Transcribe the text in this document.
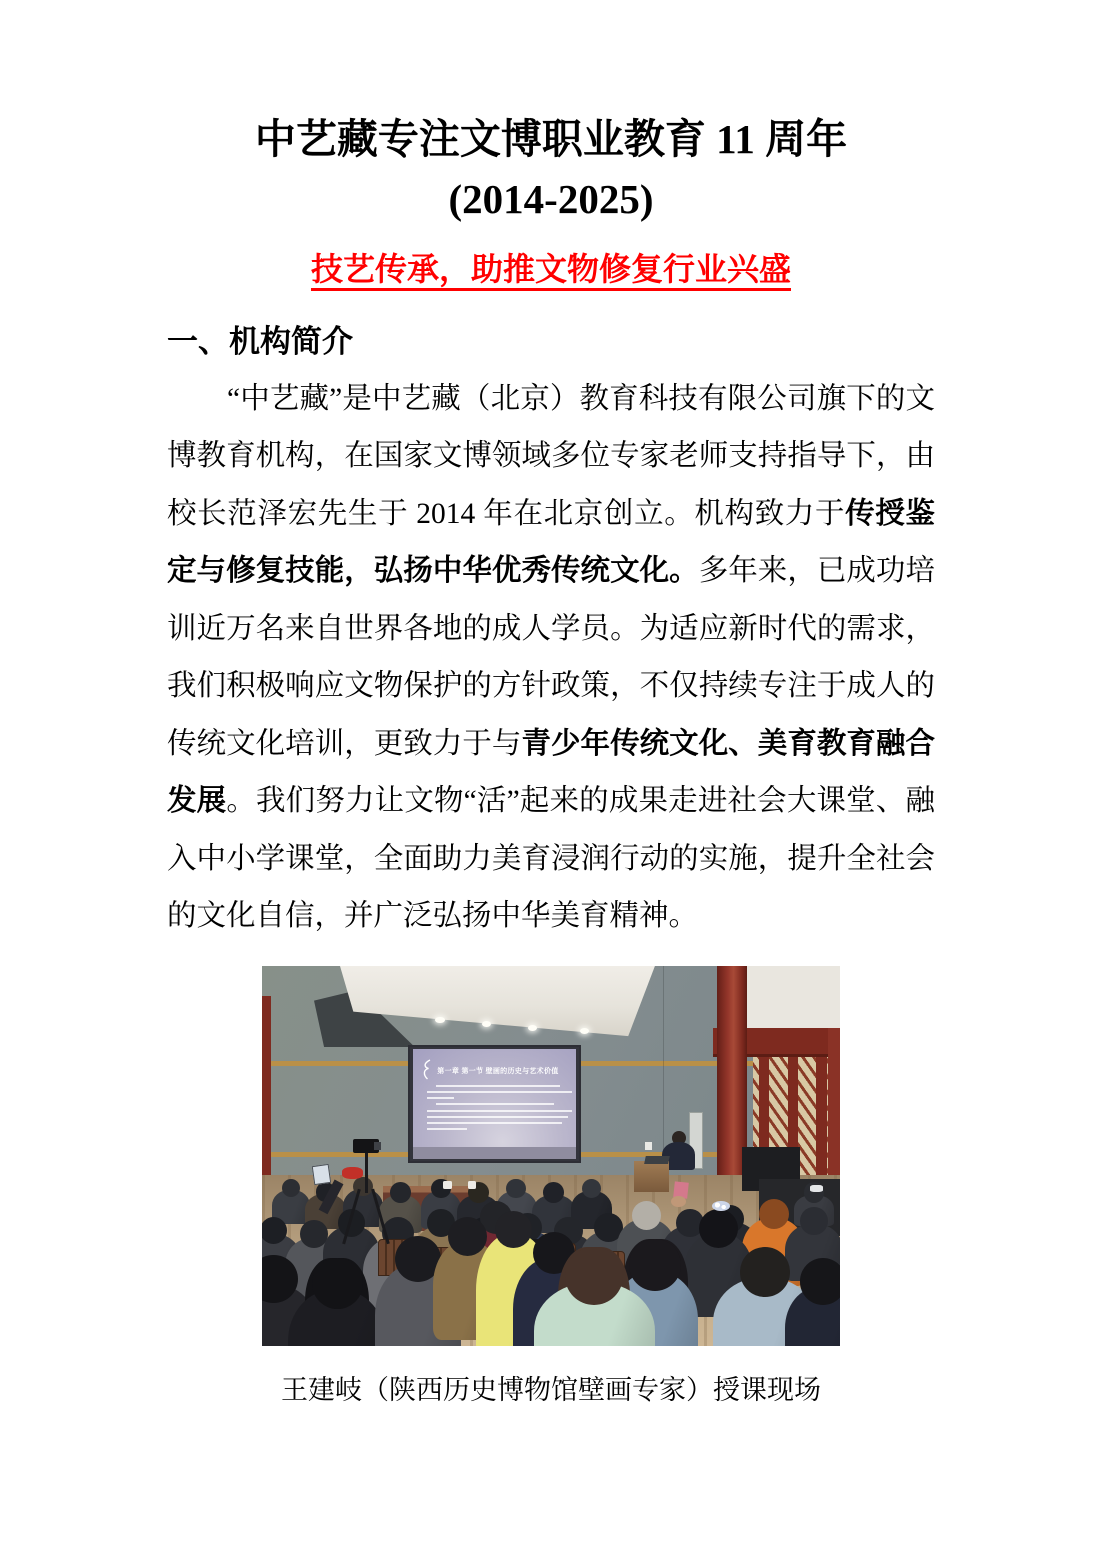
中艺藏专注文博职业教育 11 周年
(2014-2025)
技艺传承，助推文物修复行业兴盛
一、机构简介

“中艺藏”是中艺藏（北京）教育科技有限公司旗下的文博教育机构，在国家文博领域多位专家老师支持指导下，由校长范泽宏先生于 2014 年在北京创立。机构致力于传授鉴定与修复技能，弘扬中华优秀传统文化。多年来，已成功培训近万名来自世界各地的成人学员。为适应新时代的需求，我们积极响应文物保护的方针政策，不仅持续专注于成人的传统文化培训，更致力于与青少年传统文化、美育教育融合发展。我们努力让文物“活”起来的成果走进社会大课堂、融入中小学课堂，全面助力美育浸润行动的实施，提升全社会的文化自信，并广泛弘扬中华美育精神。

第一章 第一节 壁画的历史与艺术价值
王建岐（陕西历史博物馆壁画专家）授课现场
